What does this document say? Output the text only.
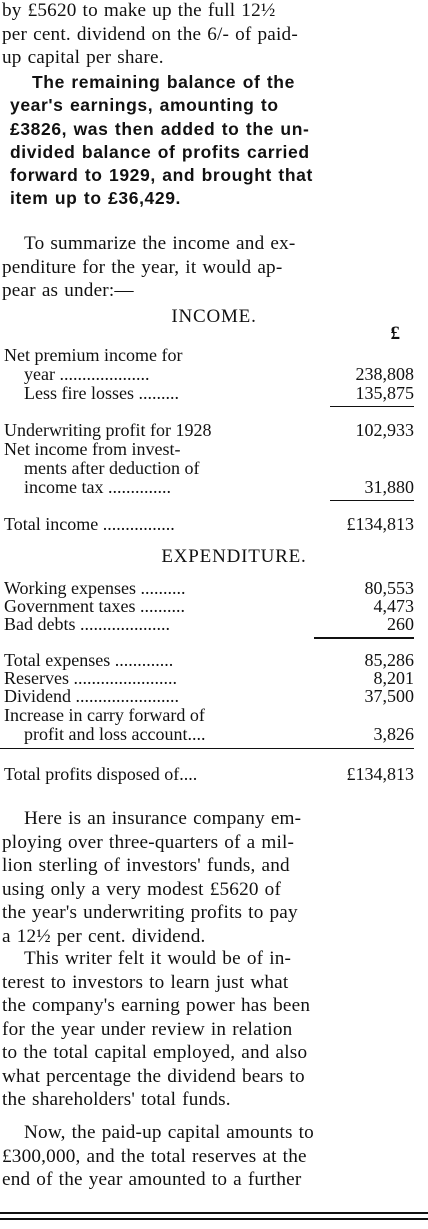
by £5620 to make up the full 12½
per cent. dividend on the 6/- of paid-
up capital per share.

The remaining balance of the
year's earnings, amounting to
£3826, was then added to the un-
divided balance of profits carried
forward to 1929, and brought that
item up to £36,429.

To summarize the income and ex-
penditure for the year, it would ap-
pear as under:—

INCOME.

£

Net premium income for
year ....................	238,808
Less fire losses .........	135,875
Underwriting profit for 1928	102,933
Net income from invest-
ments after deduction of
income tax ..............	31,880
Total income ................	£134,813

EXPENDITURE.

Working expenses ..........	80,553
Government taxes ..........	4,473
Bad debts ....................	260
Total expenses .............	85,286
Reserves .......................	8,201
Dividend .......................	37,500
Increase in carry forward of
profit and loss account....	3,826
Total profits disposed of....	£134,813

Here is an insurance company em-
ploying over three-quarters of a mil-
lion sterling of investors' funds, and
using only a very modest £5620 of
the year's underwriting profits to pay
a 12½ per cent. dividend.

This writer felt it would be of in-
terest to investors to learn just what
the company's earning power has been
for the year under review in relation
to the total capital employed, and also
what percentage the dividend bears to
the shareholders' total funds.

Now, the paid-up capital amounts to
£300,000, and the total reserves at the
end of the year amounted to a further
